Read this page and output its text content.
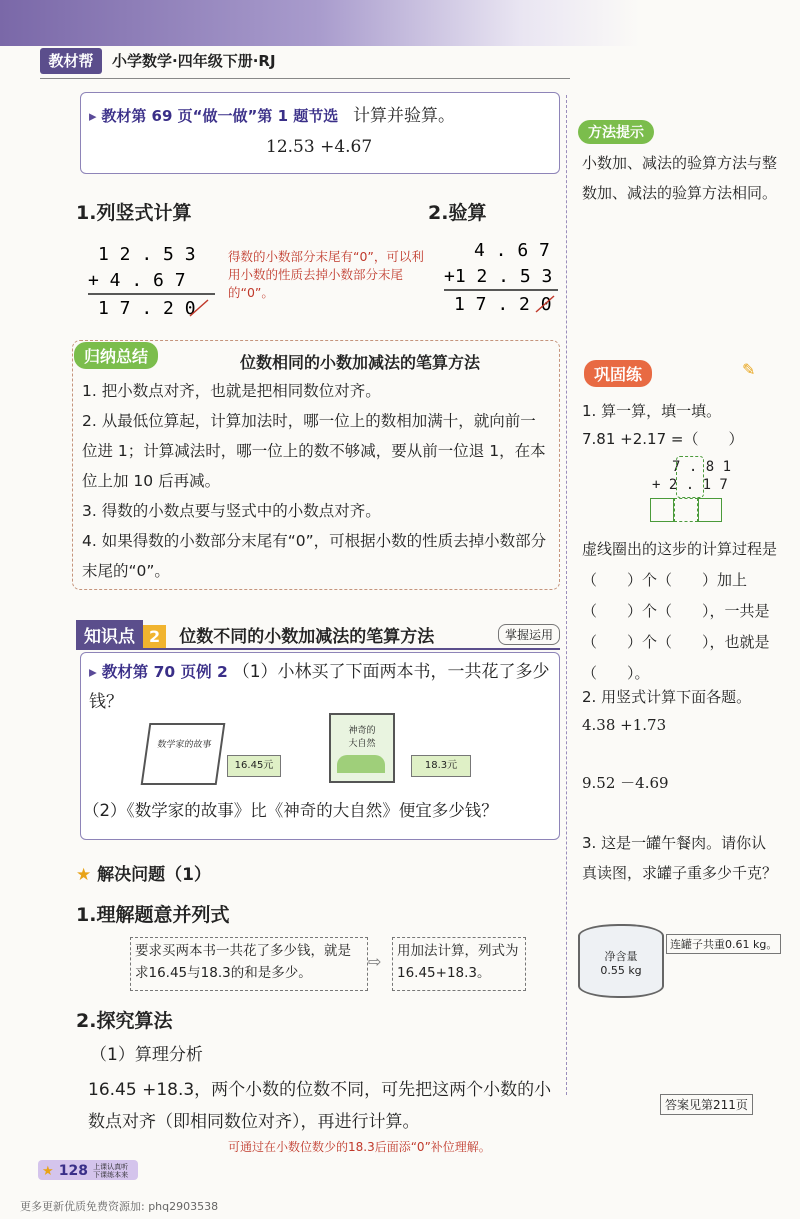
教材帮	小学数学·四年级下册·RJ
▸ 教材第 69 页“做一做”第 1 题节选 计算并验算。
12.53 +4.67
1.列竖式计算	2.验算
1 2 . 5 3
+ 4 . 6 7
1 7 . 2 0
得数的小数部分末尾有“0”，可以利用小数的性质去掉小数部分末尾的“0”。
4 . 6 7
+1 2 . 5 3
1 7 . 2 0
归纳总结	位数相同的小数加减法的笔算方法
1. 把小数点对齐，也就是把相同数位对齐。
2. 从最低位算起，计算加法时，哪一位上的数相加满十，就向前一位进 1；计算减法时，哪一位上的数不够减，要从前一位退 1，在本位上加 10 后再减。
3. 得数的小数点要与竖式中的小数点对齐。
4. 如果得数的小数部分末尾有“0”，可根据小数的性质去掉小数部分末尾的“0”。
知识点 2 位数不同的小数加减法的笔算方法	掌握运用
▸ 教材第 70 页例 2 （1）小林买了下面两本书，一共花了多少钱？
数学家的故事
16.45元
神奇的大自然
18.3元
（2）《数学家的故事》比《神奇的大自然》便宜多少钱？
★ 解决问题（1）
1.理解题意并列式
要求买两本书一共花了多少钱，就是求16.45与18.3的和是多少。
⇨
用加法计算，列式为16.45+18.3。
2.探究算法
（1）算理分析
16.45 +18.3，两个小数的位数不同，可先把这两个小数的小数点对齐（即相同数位对齐），再进行计算。
可通过在小数位数少的18.3后面添“0”补位理解。
方法提示
小数加、减法的验算方法与整数加、减法的验算方法相同。
巩固练	✎
1. 算一算，填一填。
7.81 +2.17 =（　　）
7 . 8 1
+ 2 . 1 7
虚线圈出的这步的计算过程是（　　）个（　　）加上（　　）个（　　），一共是（　　）个（　　），也就是（　　）。
2. 用竖式计算下面各题。
4.38 +1.73
9.52 －4.69
3. 这是一罐午餐肉。请你认真读图，求罐子重多少千克？
净含量
0.55 kg
连罐子共重0.61 kg。
答案见第211页
★ 128 上课认真听
下课练本来
更多更新优质免费资源加: phq2903538
